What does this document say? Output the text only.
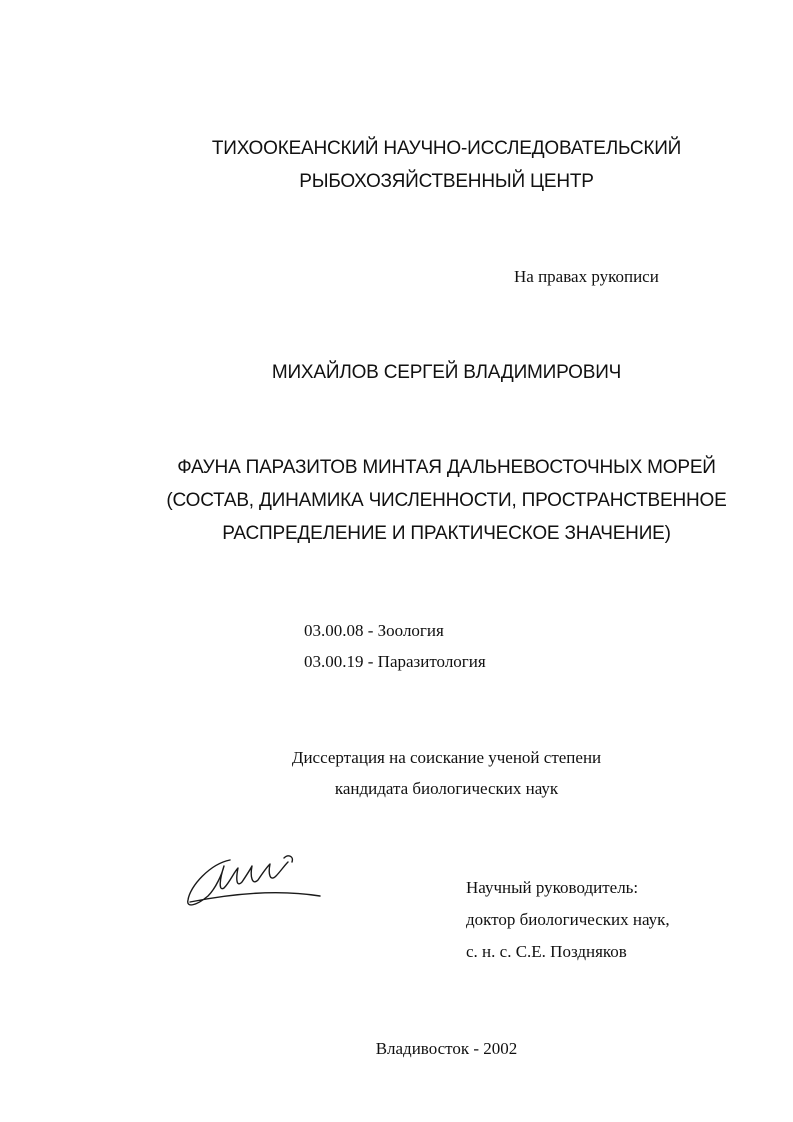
ТИХООКЕАНСКИЙ НАУЧНО-ИССЛЕДОВАТЕЛЬСКИЙ
РЫБОХОЗЯЙСТВЕННЫЙ ЦЕНТР
На правах рукописи
МИХАЙЛОВ СЕРГЕЙ ВЛАДИМИРОВИЧ
ФАУНА ПАРАЗИТОВ МИНТАЯ ДАЛЬНЕВОСТОЧНЫХ МОРЕЙ
(СОСТАВ, ДИНАМИКА ЧИСЛЕННОСТИ, ПРОСТРАНСТВЕННОЕ
РАСПРЕДЕЛЕНИЕ И ПРАКТИЧЕСКОЕ ЗНАЧЕНИЕ)
03.00.08 - Зоология
03.00.19 - Паразитология
Диссертация на соискание ученой степени
кандидата биологических наук
Научный руководитель:
доктор биологических наук,
с. н. с. С.Е. Поздняков
Владивосток - 2002
